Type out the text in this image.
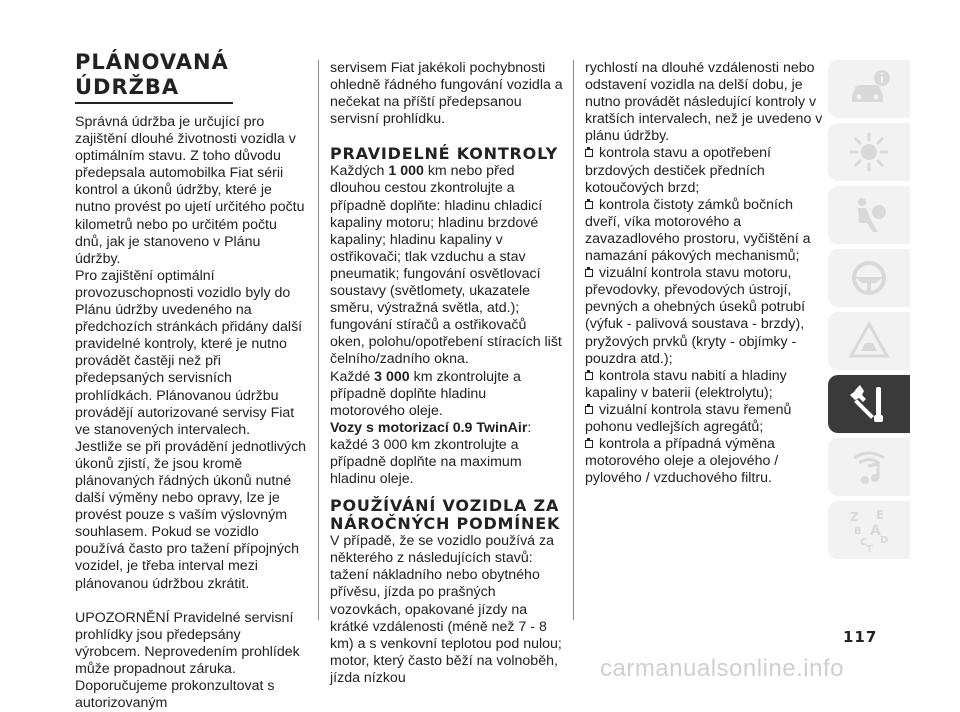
PLÁNOVANÁ
ÚDRŽBA

Správná údržba je určující pro zajištění dlouhé životnosti vozidla v optimálním stavu. Z toho důvodu předepsala automobilka Fiat sérii kontrol a úkonů údržby, které je nutno provést po ujetí určitého počtu kilometrů nebo po určitém počtu dnů, jak je stanoveno v Plánu údržby.

Pro zajištění optimální provozuschopnosti vozidlo byly do Plánu údržby uvedeného na předchozích stránkách přidány další pravidelné kontroly, které je nutno provádět častěji než při předepsaných servisních prohlídkách. Plánovanou údržbu provádějí autorizované servisy Fiat ve stanovených intervalech.

Jestliže se při provádění jednotlivých úkonů zjistí, že jsou kromě plánovaných řádných úkonů nutné další výměny nebo opravy, lze je provést pouze s vaším výslovným souhlasem. Pokud se vozidlo používá často pro tažení přípojných vozidel, je třeba interval mezi plánovanou údržbou zkrátit.

UPOZORNĚNÍ Pravidelné servisní prohlídky jsou předepsány výrobcem. Neprovedením prohlídek může propadnout záruka. Doporučujeme prokonzultovat s autorizovaným

servisem Fiat jakékoli pochybnosti ohledně řádného fungování vozidla a nečekat na příští předepsanou servisní prohlídku.

PRAVIDELNÉ KONTROLY

Každých 1 000 km nebo před dlouhou cestou zkontrolujte a případně doplňte: hladinu chladicí kapaliny motoru; hladinu brzdové kapaliny; hladinu kapaliny v ostřikovači; tlak vzduchu a stav pneumatik; fungování osvětlovací soustavy (světlomety, ukazatele směru, výstražná světla, atd.); fungování stíračů a ostřikovačů oken, polohu/opotřebení stíracích lišt čelního/zadního okna.

Každé 3 000 km zkontrolujte a případně doplňte hladinu motorového oleje.

Vozy s motorizací 0.9 TwinAir:
každé 3 000 km zkontrolujte a případně doplňte na maximum hladinu oleje.

POUŽÍVÁNÍ VOZIDLA ZA
NÁROČNÝCH PODMÍNEK

V případě, že se vozidlo používá za některého z následujících stavů: tažení nákladního nebo obytného přívěsu, jízda po prašných vozovkách, opakované jízdy na krátké vzdálenosti (méně než 7 - 8 km) a s venkovní teplotou pod nulou; motor, který často běží na volnoběh, jízda nízkou

rychlostí na dlouhé vzdálenosti nebo odstavení vozidla na delší dobu, je nutno provádět následující kontroly v kratších intervalech, než je uvedeno v plánu údržby.

kontrola stavu a opotřebení brzdových destiček předních kotoučových brzd;
kontrola čistoty zámků bočních dveří, víka motorového a zavazadlového prostoru, vyčištění a namazání pákových mechanismů;
vizuální kontrola stavu motoru, převodovky, převodových ústrojí, pevných a ohebných úseků potrubí (výfuk - palivová soustava - brzdy), pryžových prvků (kryty - objímky - pouzdra atd.);
kontrola stavu nabití a hladiny kapaliny v baterii (elektrolytu);
vizuální kontrola stavu řemenů pohonu vedlejších agregátů;
kontrola a případná výměna motorového oleje a olejového / pylového / vzduchového filtru.
Z E
B A
C D
T
117
carmanualsonline.info
